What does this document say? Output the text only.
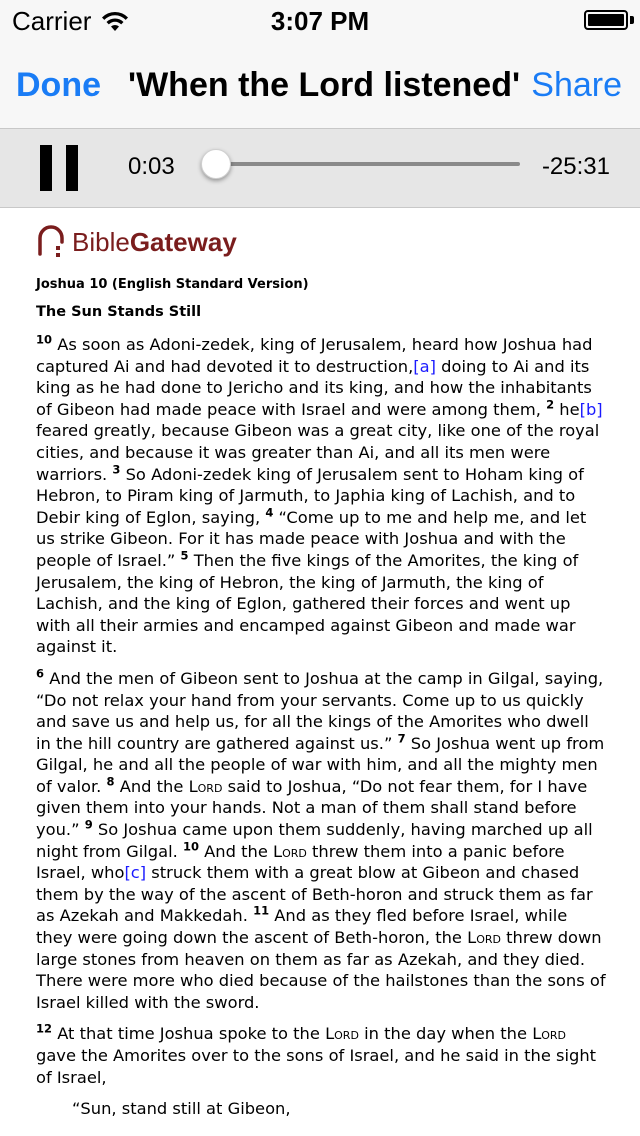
Carrier	3:07 PM
Done 'When the Lord listened' Share
0:03	-25:31
Bible Gateway
Joshua 10 (English Standard Version)
The Sun Stands Still
$^{10}$ As soon as Adoni-zedek, king of Jerusalem, heard how Joshua had captured Ai and had devoted it to destruction,[a] doing to Ai and its king as he had done to Jericho and its king, and how the inhabitants of Gibeon had made peace with Israel and were among them, $^2$ he[b] feared greatly, because Gibeon was a great city, like one of the royal cities, and because it was greater than Ai, and all its men were warriors. $^3$ So Adoni-zedek king of Jerusalem sent to Hoham king of Hebron, to Piram king of Jarmuth, to Japhia king of Lachish, and to Debir king of Eglon, saying, $^4$ “Come up to me and help me, and let us strike Gibeon. For it has made peace with Joshua and with the people of Israel.” $^5$ Then the five kings of the Amorites, the king of Jerusalem, the king of Hebron, the king of Jarmuth, the king of Lachish, and the king of Eglon, gathered their forces and went up with all their armies and encamped against Gibeon and made war against it.
$^6$ And the men of Gibeon sent to Joshua at the camp in Gilgal, saying, “Do not relax your hand from your servants. Come up to us quickly and save us and help us, for all the kings of the Amorites who dwell in the hill country are gathered against us.” $^7$ So Joshua went up from Gilgal, he and all the people of war with him, and all the mighty men of valor. $^8$ And the Lord said to Joshua, “Do not fear them, for I have given them into your hands. Not a man of them shall stand before you.” $^9$ So Joshua came upon them suddenly, having marched up all night from Gilgal. $^{10}$ And the Lord threw them into a panic before Israel, who[c] struck them with a great blow at Gibeon and chased them by the way of the ascent of Beth-horon and struck them as far as Azekah and Makkedah. $^{11}$ And as they fled before Israel, while they were going down the ascent of Beth-horon, the Lord threw down large stones from heaven on them as far as Azekah, and they died. There were more who died because of the hailstones than the sons of Israel killed with the sword.
$^{12}$ At that time Joshua spoke to the Lord in the day when the Lord gave the Amorites over to the sons of Israel, and he said in the sight of Israel,
“Sun, stand still at Gibeon,
